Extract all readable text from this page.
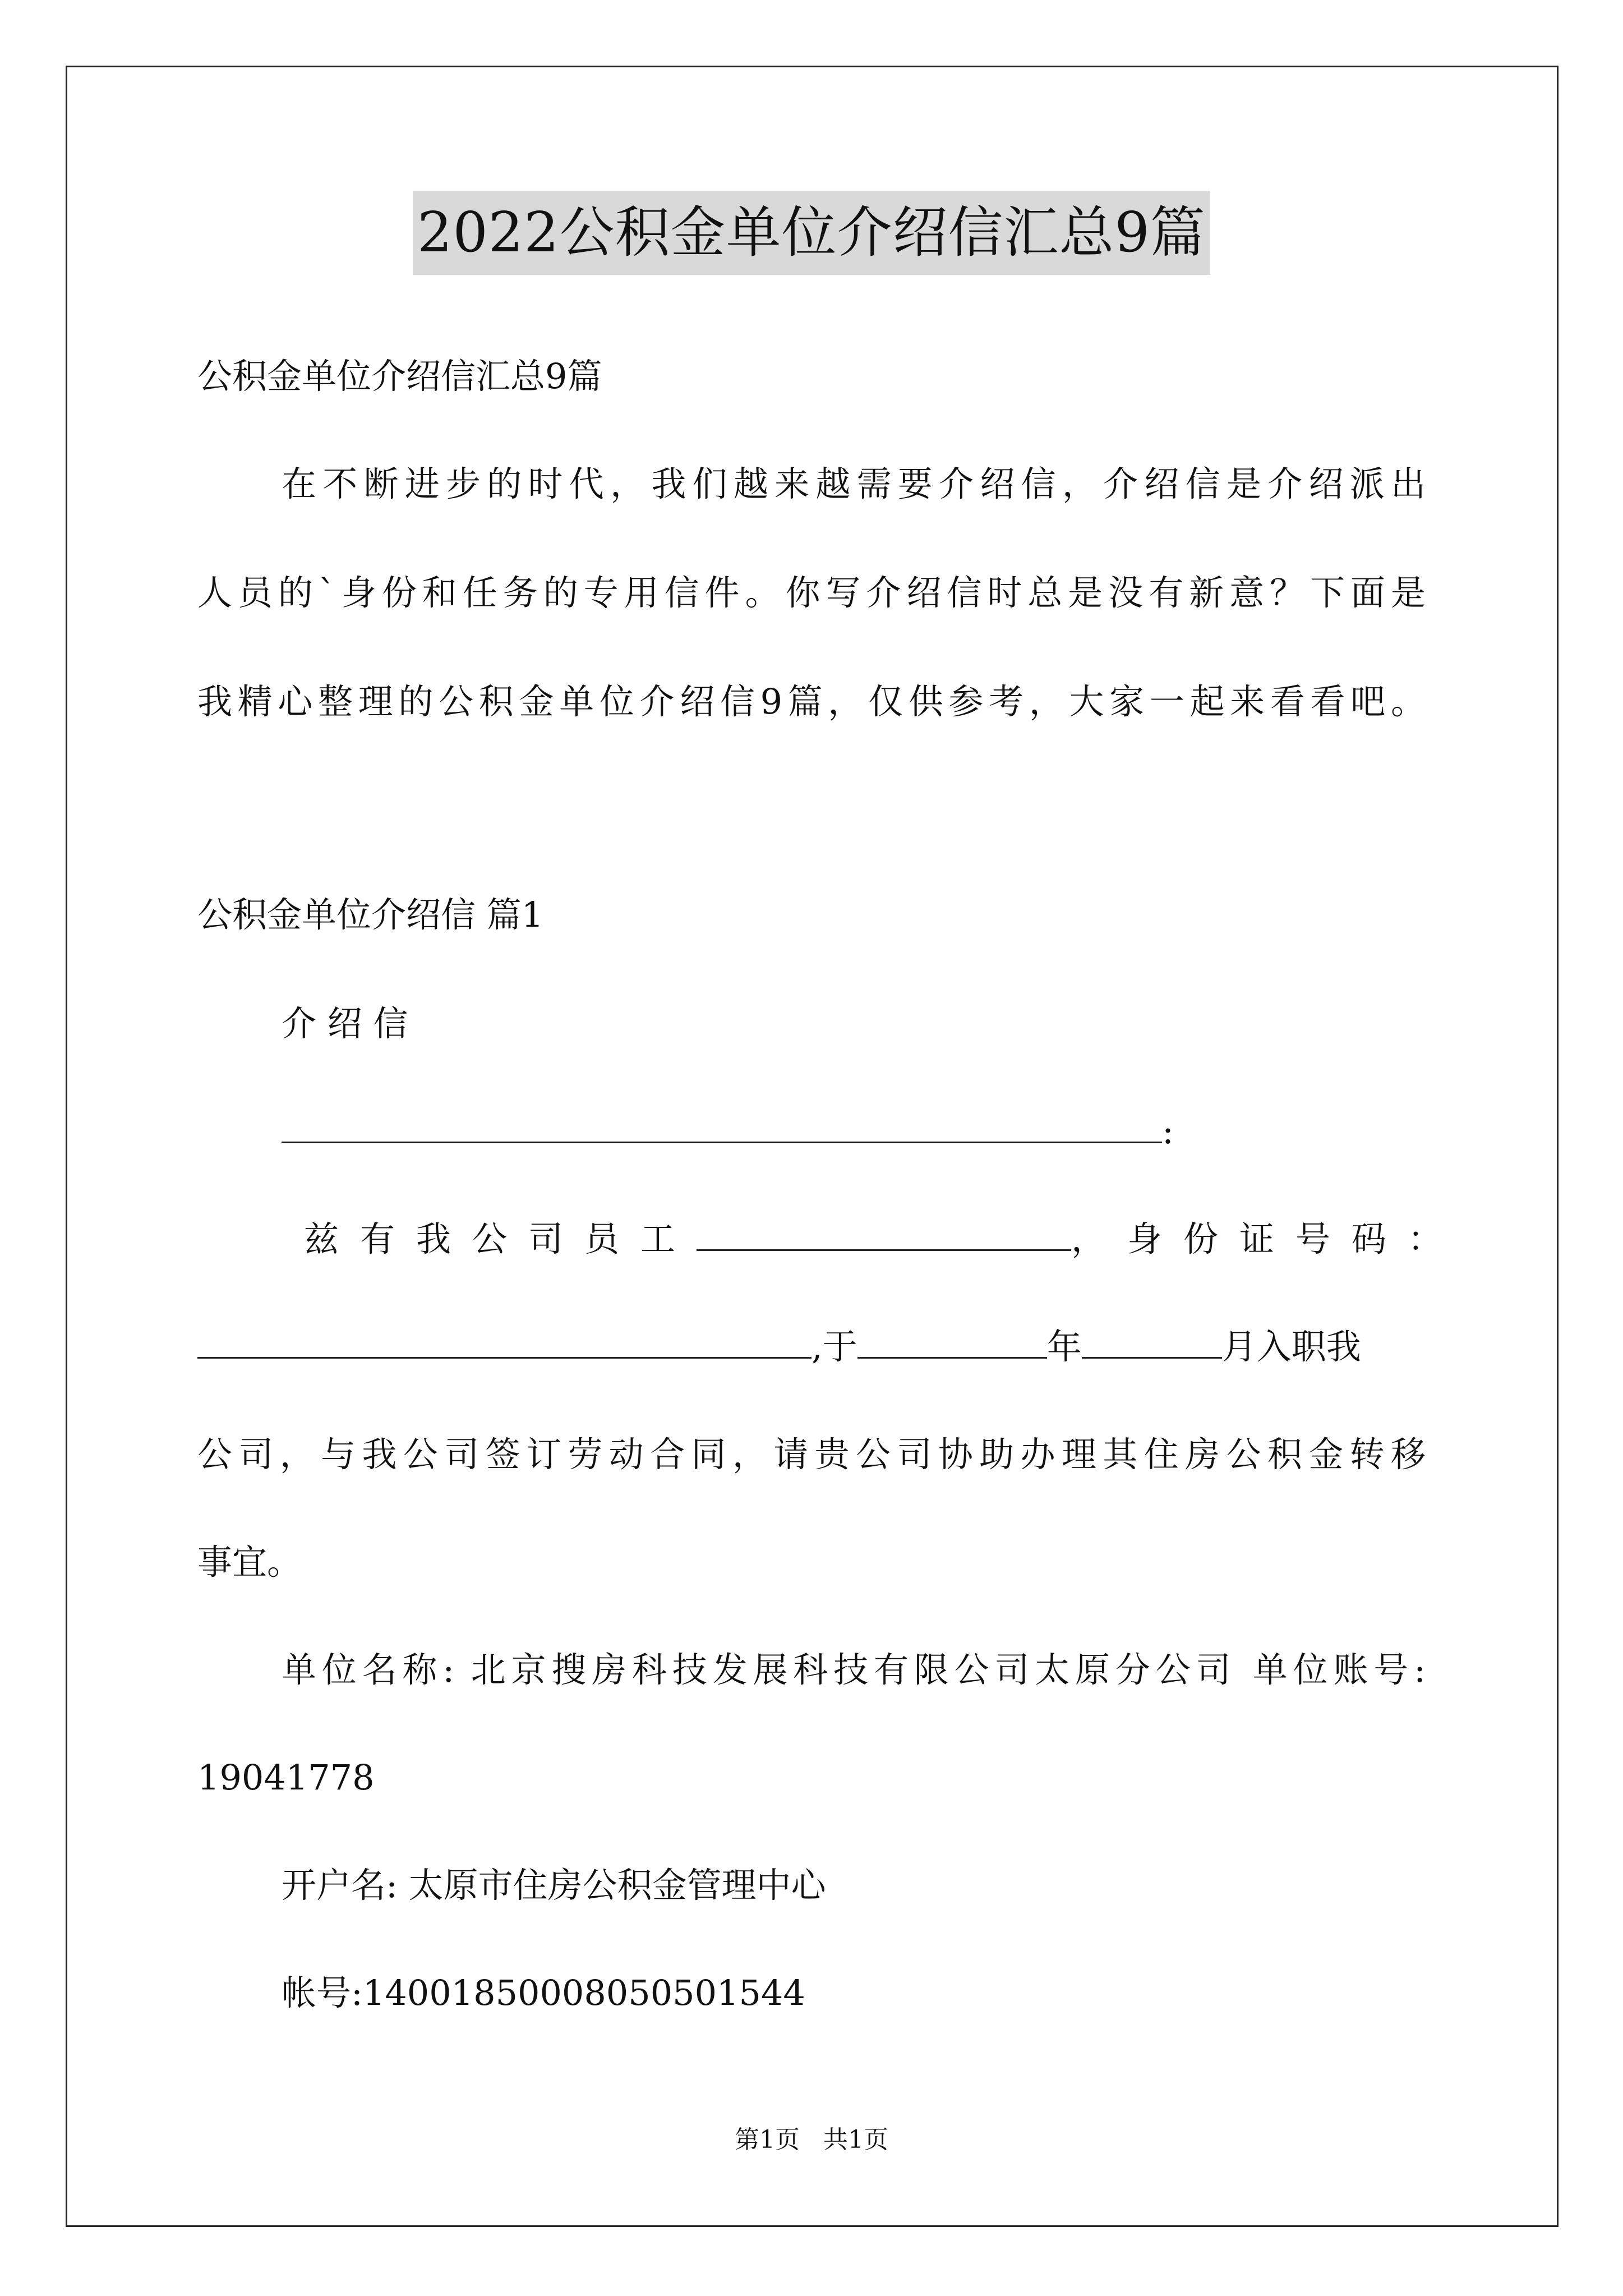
2022公积金单位介绍信汇总9篇
公积金单位介绍信汇总9篇
在不断进步的时代，我们越来越需要介绍信，介绍信是介绍派出
人员的`身份和任务的专用信件。你写介绍信时总是没有新意？下面是
我精心整理的公积金单位介绍信9篇，仅供参考，大家一起来看看吧。
公积金单位介绍信 篇1
介 绍 信
:
兹有我公司员工	，身份证号码：
,于	年	月入职我
公司，与我公司签订劳动合同，请贵公司协助办理其住房公积金转移
事宜。
单位名称: 北京搜房科技发展科技有限公司太原分公司 单位账号:
19041778
开户名: 太原市住房公积金管理中心
帐号:14001850008050501544
第1页   共1页
